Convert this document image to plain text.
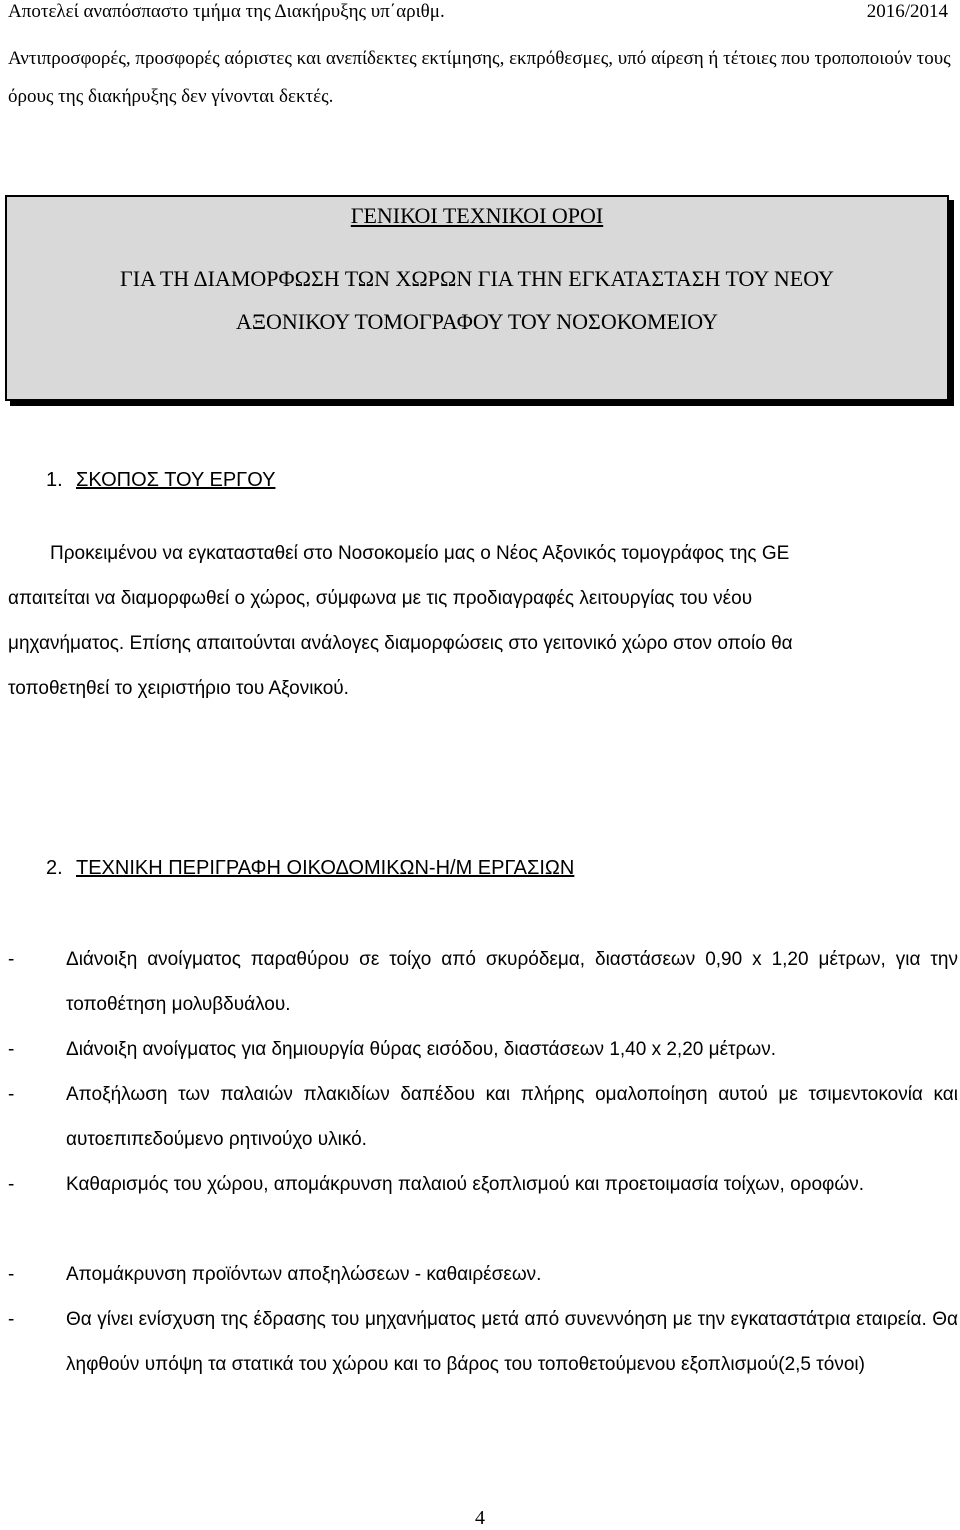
Αποτελεί αναπόσπαστο τμήμα της Διακήρυξης υπ΄αριθμ.	2016/2014

Αντιπροσφορές, προσφορές αόριστες και ανεπίδεκτες εκτίμησης, εκπρόθεσμες, υπό αίρεση ή τέτοιες που τροποποιούν τους όρους της διακήρυξης δεν γίνονται δεκτές.

ΓΕΝΙΚΟΙ ΤΕΧΝΙΚΟΙ ΟΡΟΙ
ΓΙΑ ΤΗ ΔΙΑΜΟΡΦΩΣΗ ΤΩΝ ΧΩΡΩΝ ΓΙΑ ΤΗΝ ΕΓΚΑΤΑΣΤΑΣΗ ΤΟΥ ΝΕΟΥ
ΑΞΟΝΙΚΟΥ ΤΟΜΟΓΡΑΦΟΥ ΤΟΥ ΝΟΣΟΚΟΜΕΙΟΥ
1. ΣΚΟΠΟΣ ΤΟΥ ΕΡΓΟΥ
Προκειμένου να εγκατασταθεί στο Νοσοκομείο μας ο Νέος Αξονικός τομογράφος της GE
απαιτείται να διαμορφωθεί ο χώρος, σύμφωνα με τις προδιαγραφές λειτουργίας του νέου
μηχανήματος. Επίσης απαιτούνται ανάλογες διαμορφώσεις στο γειτονικό χώρο στον οποίο θα
τοποθετηθεί το χειριστήριο του Αξονικού.
2. ΤΕΧΝΙΚΗ ΠΕΡΙΓΡΑΦΗ ΟΙΚΟΔΟΜΙΚΩΝ-Η/Μ ΕΡΓΑΣΙΩΝ
-	Διάνοιξη ανοίγματος παραθύρου σε τοίχο από σκυρόδεμα, διαστάσεων 0,90 x 1,20 μέτρων, για την τοποθέτηση μολυβδυάλου.
-	Διάνοιξη ανοίγματος για δημιουργία θύρας εισόδου, διαστάσεων 1,40 x 2,20 μέτρων.
-	Αποξήλωση των παλαιών πλακιδίων δαπέδου και πλήρης ομαλοποίηση αυτού με τσιμεντοκονία και αυτοεπιπεδούμενο ρητινούχο υλικό.
-	Καθαρισμός του χώρου, απομάκρυνση παλαιού εξοπλισμού και προετοιμασία τοίχων, οροφών.
-	Απομάκρυνση προϊόντων αποξηλώσεων - καθαιρέσεων.
-	Θα γίνει ενίσχυση της έδρασης του μηχανήματος μετά από συνεννόηση με την εγκαταστάτρια εταιρεία. Θα ληφθούν υπόψη τα στατικά του χώρου και το βάρος του τοποθετούμενου εξοπλισμού(2,5 τόνοι)
4
